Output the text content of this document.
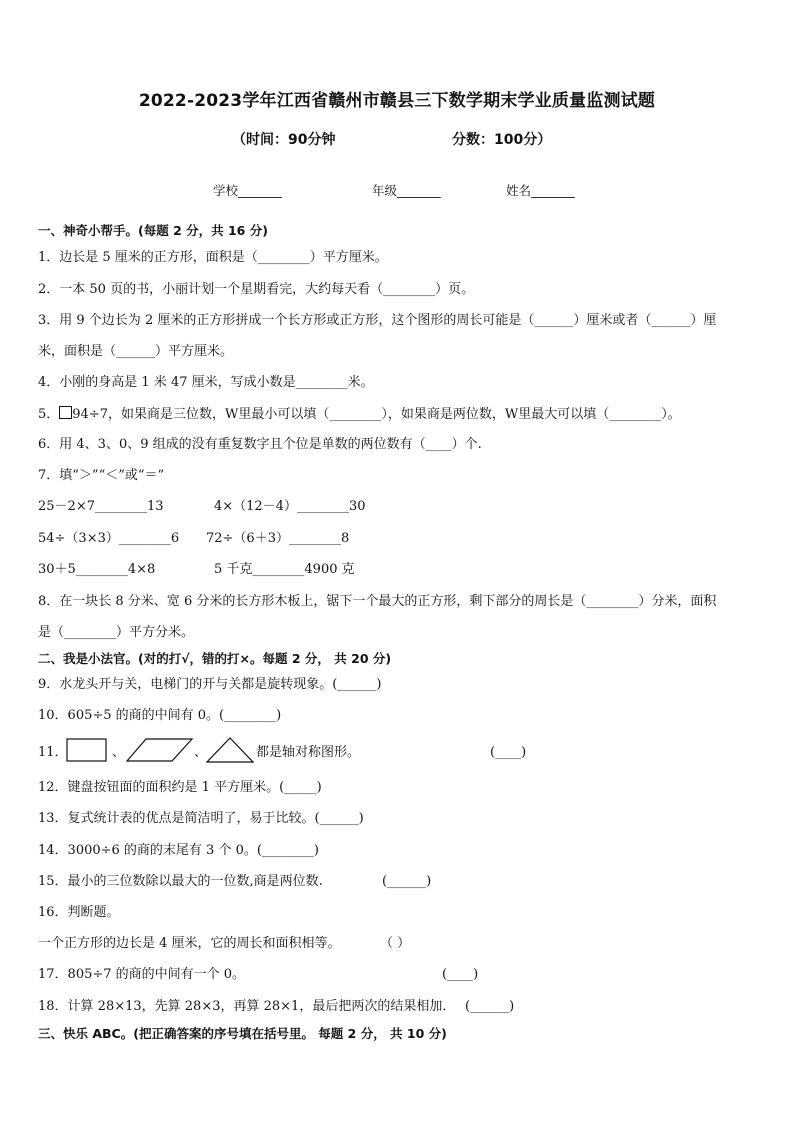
2022-2023学年江西省赣州市赣县三下数学期末学业质量监测试题
（时间：90分钟	分数：100分）
学校_______	年级_______	姓名_______
一、神奇小帮手。(每题 2 分，共 16 分)
1．边长是 5 厘米的正方形，面积是（________）平方厘米。
2．一本 50 页的书，小丽计划一个星期看完，大约每天看（________）页。
3．用 9 个边长为 2 厘米的正方形拼成一个长方形或正方形，这个图形的周长可能是（______）厘米或者（______）厘
米，面积是（______）平方厘米。
4．小刚的身高是 1 米 47 厘米，写成小数是________米。
5． 94÷7，如果商是三位数，W里最小可以填（________），如果商是两位数，W里最大可以填（________）。
6．用 4、3、0、9 组成的没有重复数字且个位是单数的两位数有（____）个.
7．填“＞”“＜”或“＝”
25－2×7________13	4×（12－4）________30
54÷（3×3）________6 72÷（6＋3）________8
30＋5________4×8	5 千克________4900 克
8．在一块长 8 分米、宽 6 分米的长方形木板上，锯下一个最大的正方形，剩下部分的周长是（________）分米，面积
是（________）平方分米。
二、我是小法官。(对的打√，错的打×。每题 2 分， 共 20 分)
9．水龙头开与关，电梯门的开与关都是旋转现象。(______)
10．605÷5 的商的中间有 0。(________)
11．	、	、	都是轴对称图形。	(____)
12．键盘按钮面的面积约是 1 平方厘米。(_____)
13．复式统计表的优点是简洁明了，易于比较。(______)
14．3000÷6 的商的末尾有 3 个 0。(________)
15．最小的三位数除以最大的一位数,商是两位数.	(______)
16．判断题。
一个正方形的边长是 4 厘米，它的周长和面积相等。	（ ）
17．805÷7 的商的中间有一个 0。	(____)
18．计算 28×13，先算 28×3，再算 28×1，最后把两次的结果相加． (______)
三、快乐 ABC。(把正确答案的序号填在括号里。 每题 2 分， 共 10 分)
